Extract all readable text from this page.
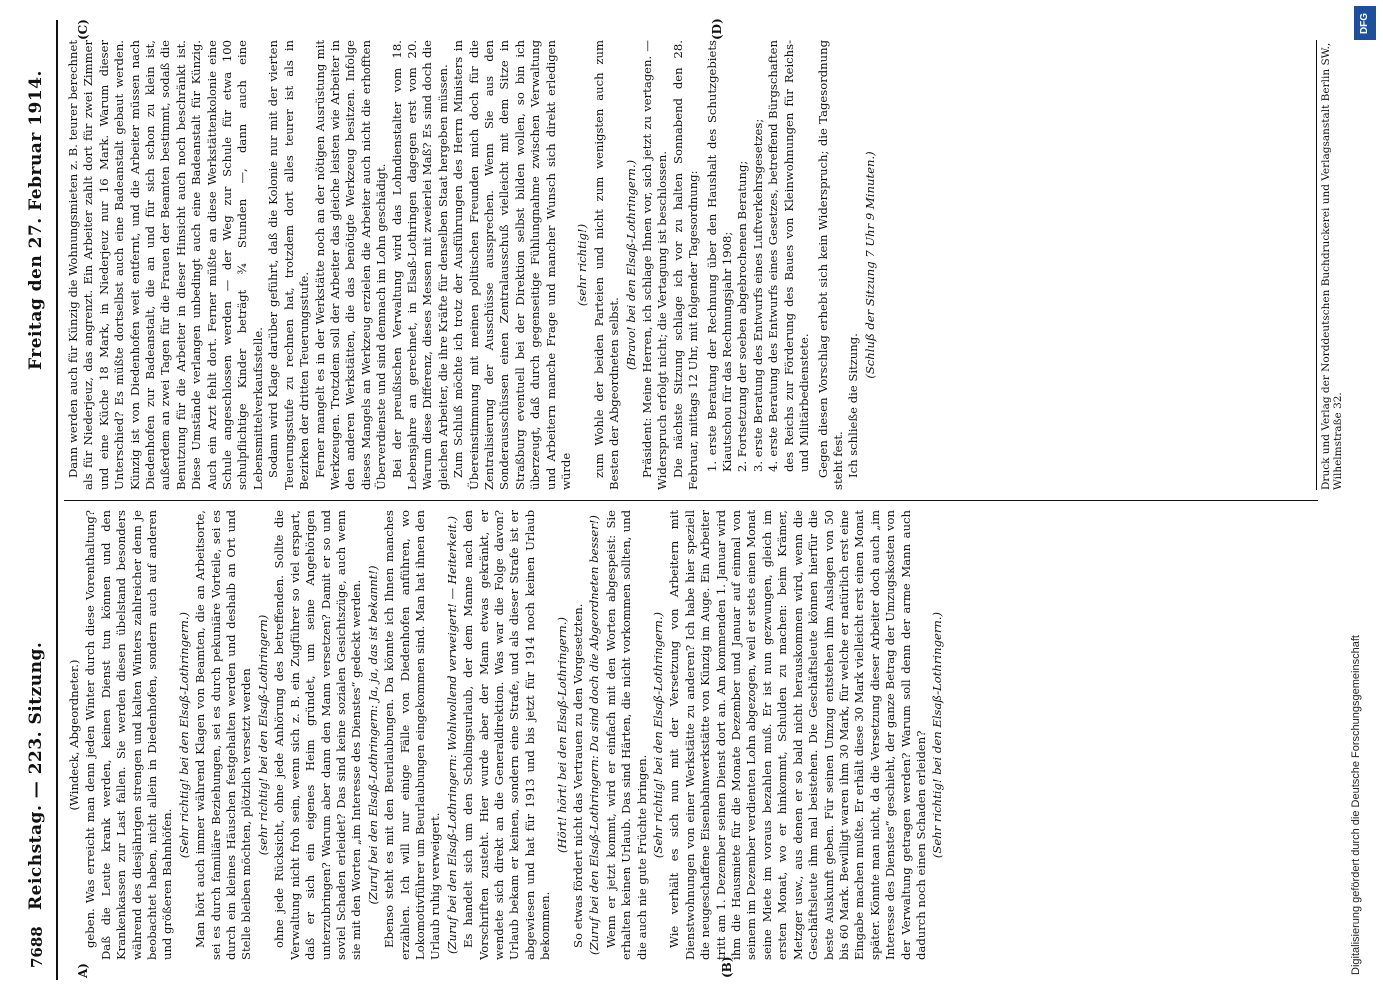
7688
Reichstag. — 223. Sitzung.
Freitag den 27. Februar 1914.
A)	(B)
(C)	(D)

(Windeck, Abgeordneter.) geben. Was erreicht man denn jeden Winter durch diese Vorenthaltung? Daß die Leute krank werden, keinen Dienst tun können und den Krankenkassen zur Last fallen. Sie werden diesen übelstand besonders während des diesjährigen strengen und kalten Winters zahlreicher denn je beobachtet haben, nicht allein in Diedenhofen, sondern auch auf anderen und größeren Bahnhöfen.

(Sehr richtig! bei den Elsaß-Lothringern.) Man hört auch immer während Klagen von Beamten, die an Arbeitsorte, sei es durch familiäre Beziehungen, sei es durch pekuniäre Vorteile, sei es durch ein kleines Häuschen festgehalten werden und deshalb an Ort und Stelle bleiben möchten, plötzlich versetzt werden (sehr richtig! bei den Elsaß-Lothringern) ohne jede Rücksicht, ohne jede Anhörung des betreffenden. Sollte die Verwaltung nicht froh sein, wenn sich z. B. ein Zugführer so viel erspart, daß er sich ein eigenes Heim gründet, um seine Angehörigen unterzubringen? Warum aber dann den Mann versetzen? Damit er so und soviel Schaden erleidet? Das sind keine sozialen Gesichtszüge, auch wenn sie mit den Worten „im Interesse des Dienstes“ gedeckt werden. (Zuruf bei den Elsaß-Lothringern: Ja, ja, das ist bekannt!) Ebenso steht es mit den Beurlaubungen. Da könnte ich Ihnen manches erzählen. Ich will nur einige Fälle von Diedenhofen anführen, wo Lokomotivführer um Beurlaubungen eingekommen sind. Man hat ihnen den Urlaub ruhig verweigert. (Zuruf bei den Elsaß-Lothringern: Wohlwollend verweigert! — Heiterkeit.) Es handelt sich um den Scholingsurlaub, der dem Manne nach den Vorschriften zusteht. Hier wurde aber der Mann etwas gekränkt, er wendete sich direkt an die Generaldirektion. Was war die Folge davon? Urlaub bekam er keinen, sondern eine Strafe, und als dieser Strafe ist er abgewiesen und hat für 1913 und bis jetzt für 1914 noch keinen Urlaub bekommen.

(Hört! hört! bei den Elsaß-Lothringern.) So etwas fördert nicht das Vertrauen zu den Vorgesetzten. (Zuruf bei den Elsaß-Lothringern: Da sind doch die Abgeordneten besser!) Wenn er jetzt kommt, wird er einfach mit den Worten abgespeist: Sie erhalten keinen Urlaub. Das sind Härten, die nicht vorkommen sollten, und die auch nie gute Früchte bringen. (Sehr richtig! bei den Elsaß-Lothringern.) Wie verhält es sich nun mit der Versetzung von Arbeitern mit Dienstwohnungen von einer Werkstätte zu anderen? Ich habe hier speziell die neugeschaffene Eisenbahnwerkstätte von Künzig im Auge. Ein Arbeiter tritt am 1. Dezember seinen Dienst dort an. Am kommenden 1. Januar wird ihm die Hausmiete für die Monate Dezember und Januar auf einmal von seinem im Dezember verdienten Lohn abgezogen, weil er stets einen Monat seine Miete im voraus bezahlen muß. Er ist nun gezwungen, gleich im ersten Monat, wo er hinkommt, Schulden zu machen: beim Krämer, Metzger usw., aus denen er so bald nicht herauskommen wird, wenn die Geschäftsleute ihm mal beistehen. Die Geschäftsleute können hierfür die beste Auskunft geben. Für seinen Umzug entstehen ihm Auslagen von 50 bis 60 Mark. Bewilligt waren ihm 30 Mark, für welche er natürlich erst eine Eingabe machen mußte. Er erhält diese 30 Mark vielleicht erst einen Monat später. Könnte man nicht, da die Versetzung dieser Arbeiter doch auch „im Interesse des Dienstes“ geschieht, der ganze Betrag der Umzugskosten von der Verwaltung getragen werden? Warum soll denn der arme Mann auch dadurch noch einen Schaden erleiden? (Sehr richtig! bei den Elsaß-Lothringern.)

Dann werden auch für Künzig die Wohnungsmieten z. B. teurer berechnet als für Niederjeuz, das angrenzt. Ein Arbeiter zahlt dort für zwei Zimmer und eine Küche 18 Mark, in Niederjeuz nur 16 Mark. Warum dieser Unterschied? Es müßte dortselbst auch eine Badeanstalt gebaut werden. Künzig ist von Diedenhofen weit entfernt, und die Arbeiter müssen nach Diedenhofen zur Badeanstalt, die an und für sich schon zu klein ist, außerdem an zwei Tagen für die Frauen der Beamten bestimmt, sodaß die Benutzung für die Arbeiter in dieser Hinsicht auch noch beschränkt ist. Diese Umstände verlangen unbedingt auch eine Badeanstalt für Künzig. Auch ein Arzt fehlt dort. Ferner müßte an diese Werkstättenkolonie eine Schule angeschlossen werden — der Weg zur Schule für etwa 100 schulpflichtige Kinder beträgt ¾ Stunden —, dann auch eine Lebensmittelverkaufsstelle. Sodann wird Klage darüber geführt, daß die Kolonie nur mit der vierten Teuerungsstufe zu rechnen hat, trotzdem dort alles teurer ist als in Bezirken der dritten Teuerungsstufe. Ferner mangelt es in der Werkstätte noch an der nötigen Ausrüstung mit Werkzeugen. Trotzdem soll der Arbeiter das gleiche leisten wie Arbeiter in den anderen Werkstätten, die das benötigte Werkzeug besitzen. Infolge dieses Mangels an Werkzeug erzielen die Arbeiter auch nicht die erhofften Überverdienste und sind demnach im Lohn geschädigt. Bei der preußischen Verwaltung wird das Lohndienstalter vom 18. Lebensjahre an gerechnet, in Elsaß-Lothringen dagegen erst vom 20. Warum diese Differenz, dieses Messen mit zweierlei Maß? Es sind doch die gleichen Arbeiter, die ihre Kräfte für denselben Staat hergeben müssen. Zum Schluß möchte ich trotz der Ausführungen des Herrn Ministers in Übereinstimmung mit meinen politischen Freunden mich doch für die Zentralisierung der Ausschüsse aussprechen. Wenn Sie aus den Sonderausschüssen einen Zentralausschuß vielleicht mit dem Sitze in Straßburg eventuell bei der Direktion selbst bilden wollen, so bin ich überzeugt, daß durch gegenseitige Fühlungnahme zwischen Verwaltung und Arbeitern manche Frage und mancher Wunsch sich direkt erledigen würde

(sehr richtig!) zum Wohle der beiden Parteien und nicht zum wenigsten auch zum Besten der Abgeordneten selbst.

(Bravo! bei den Elsaß-Lothringern.) Präsident: Meine Herren, ich schlage Ihnen vor, sich jetzt zu vertagen. — Widerspruch erfolgt nicht; die Vertagung ist beschlossen. Die nächste Sitzung schlage ich vor zu halten Sonnabend den 28. Februar, mittags 12 Uhr, mit folgender Tagesordnung: 1. erste Beratung der Rechnung über den Haushalt des Schutzgebiets Kiautschou für das Rechnungsjahr 1908; 2. Fortsetzung der soeben abgebrochenen Beratung; 3. erste Beratung des Entwurfs eines Luftverkehrsgesetzes; 4. erste Beratung des Entwurfs eines Gesetzes, betreffend Bürgschaften des Reichs zur Förderung des Baues von Kleinwohnungen für Reichs- und Militärbedienstete. Gegen diesen Vorschlag erhebt sich kein Widerspruch; die Tagesordnung steht fest. Ich schließe die Sitzung.

(Schluß der Sitzung 7 Uhr 9 Minuten.)	Druck und Verlag der Norddeutschen Buchdruckerei und Verlagsanstalt Berlin SW., Wilhelmstraße 32.
Digitalisierung gefördert durch die Deutsche Forschungsgemeinschaft
DFG
